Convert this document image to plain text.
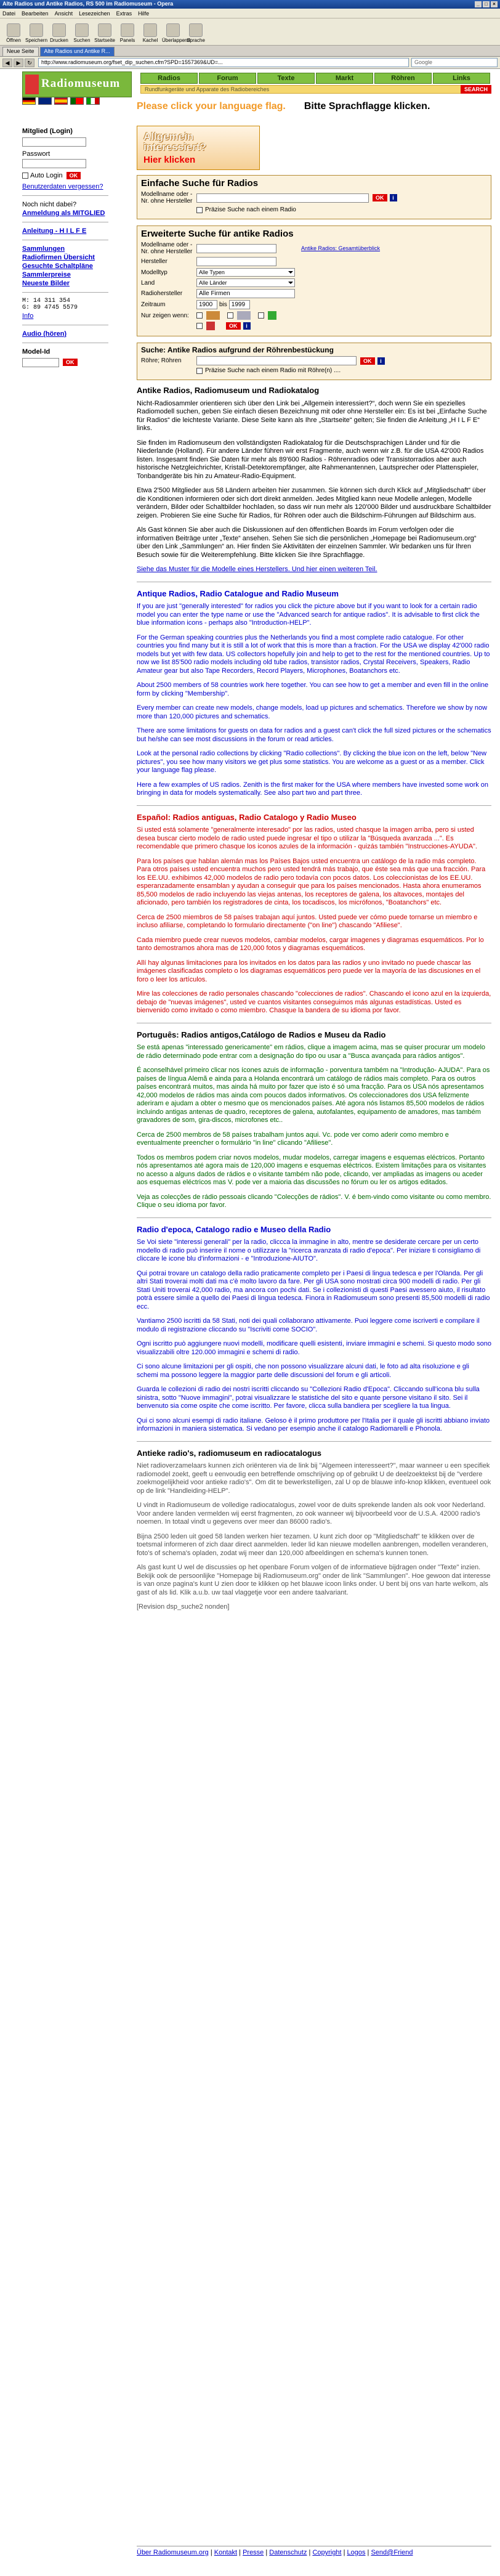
Alte Radios und Antike Radios, RS 500 im Radiomuseum - Opera	_ □ ×
Datei Bearbeiten Ansicht Lesezeichen Extras Hilfe
Öffnen Speichern Drucken	Suchen Startseite Panels	Kachel Überlappend
Sprache
Neue Seite	Alte Radios und Antike R...
◀	▶	↻	http://www.radiomuseum.org/fset_dip_suchen.cfm?SPD=1557369&UD=...	Google
Radiomuseum	Radios	Forum	Texte	Markt	Röhren	Links
Rundfunkgeräte und Apparate des Radiobereiches	SEARCH
Please click your language flag. Bitte Sprachflagge klicken.
Mitglied (Login)
Passwort
Auto Login OK
Benutzerdaten vergessen?
Noch nicht dabei?
Anmeldung als MITGLIED
Anleitung - H I L F E
Sammlungen
Radiofirmen Übersicht
Gesuchte Schaltpläne
Sammlerpreise
Neueste Bilder
M: 14 311 354
G: 89 4745 5579
Info
Audio (hören)
Model-Id
OK
Allgemein
interessiert?
Hier klicken
Einfache Suche für Radios
Modellname oder -Nr. ohne Hersteller	OK	i
Präzise Suche nach einem Radio
Erweiterte Suche für antike Radios
Modellname oder -Nr. ohne Hersteller	Antike Radios: Gesamtüberblick
Hersteller
Modelltyp	Alle Typen
Land	Alle Länder
Radiohersteller	Alle Firmen
Zeitraum	1900	bis 1999
Nur zeigen wenn:
OK	i
Suche: Antike Radios aufgrund der Röhrenbestückung
Röhre; Röhren	OK	i
Präzise Suche nach einem Radio mit Röhre(n) ....
Antike Radios, Radiomuseum und Radiokatalog

Nicht-Radiosammler orientieren sich über den Link bei „Allgemein interessiert?“, doch wenn Sie ein spezielles Radiomodell suchen, geben Sie einfach diesen Bezeichnung mit oder ohne Hersteller ein: Es ist bei „Einfache Suche für Radios“ die leichteste Variante. Diese Seite kann als Ihre „Startseite“ gelten; Sie finden die Anleitung „H I L F E“ links.

Sie finden im Radiomuseum den vollständigsten Radiokatalog für die Deutschsprachigen Länder und für die Niederlande (Holland). Für andere Länder führen wir erst Fragmente, auch wenn wir z.B. für die USA 42'000 Radios listen. Insgesamt finden Sie Daten für mehr als 89'600 Radios - Röhrenradios oder Transistorradios aber auch historische Netzgleichrichter, Kristall-Detektorempfänger, alte Rahmenantennen, Lautsprecher oder Plattenspieler, Tonbandgeräte bis hin zu Amateur-Radio-Equipment.

Etwa 2'500 Mitglieder aus 58 Ländern arbeiten hier zusammen. Sie können sich durch Klick auf „Mitgliedschaft“ über die Konditionen informieren oder sich dort direkt anmelden. Jedes Mitglied kann neue Modelle anlegen, Modelle verändern, Bilder oder Schaltbilder hochladen, so dass wir nun mehr als 120'000 Bilder und ausdruckbare Schaltbilder zeigen. Probieren Sie eine Suche für Radios, für Röhren oder auch die Bildschirm-Führungen auf Bildschirm aus.

Als Gast können Sie aber auch die Diskussionen auf den öffentlichen Boards im Forum verfolgen oder die informativen Beiträge unter „Texte“ ansehen. Sehen Sie sich die persönlichen „Homepage bei Radiomuseum.org“ über den Link „Sammlungen“ an. Hier finden Sie Aktivitäten der einzelnen Sammler. Wir bedanken uns für Ihren Besuch sowie für die Weiterempfehlung. Bitte klicken Sie Ihre Sprachflagge.

Siehe das Muster für die Modelle eines Herstellers. Und hier einen weiteren Teil.

Antique Radios, Radio Catalogue and Radio Museum

If you are just "generally interested" for radios you click the picture above but if you want to look for a certain radio model you can enter the type name or use the "Advanced search for antique radios". It is advisable to first click the blue information icons - perhaps also "Introduction-HELP".

For the German speaking countries plus the Netherlands you find a most complete radio catalogue. For other countries you find many but it is still a lot of work that this is more than a fraction. For the USA we display 42'000 radio models but yet with few data. US collectors hopefully join and help to get to the rest for the mentioned countries. Up to now we list 85'500 radio models including old tube radios, transistor radios, Crystal Receivers, Speakers, Radio Amateur gear but also Tape Recorders, Record Players, Microphones, Boatanchors etc.

About 2500 members of 58 countries work here together. You can see how to get a member and even fill in the online form by clicking "Membership".

Every member can create new models, change models, load up pictures and schematics. Therefore we show by now more than 120,000 pictures and schematics.

There are some limitations for guests on data for radios and a guest can't click the full sized pictures or the schematics but he/she can see most discussions in the forum or read articles.

Look at the personal radio collections by clicking "Radio collections". By clicking the blue icon on the left, below "New pictures", you see how many visitors we get plus some statistics. You are welcome as a guest or as a member. Click your language flag please.

Here a few examples of US radios. Zenith is the first maker for the USA where members have invested some work on bringing in data for models systematically. See also part two and part three.

Español: Radios antiguas, Radio Catalogo y Radio Museo

Si usted está solamente "generalmente interesado" por las radios, usted chasque la imagen arriba, pero si usted desea buscar cierto modelo de radio usted puede ingresar el tipo o utilizar la "Búsqueda avanzada ...". Es recomendable que primero chasque los iconos azules de la información - quizás también "Instrucciones-AYUDA".

Para los países que hablan alemán mas los Países Bajos usted encuentra un catálogo de la radio más completo. Para otros países usted encuentra muchos pero usted tendrá más trabajo, que éste sea más que una fracción. Para los EE.UU. exhibimos 42,000 modelos de radio pero todavía con pocos datos. Los coleccionistas de los EE.UU. esperanzadamente ensamblan y ayudan a conseguir que para los países mencionados. Hasta ahora enumeramos 85,500 modelos de radio incluyendo las viejas antenas, los receptores de galena, los altavoces, montajes del aficionado, pero también los registradores de cinta, los tocadiscos, los micrófonos, "Boatanchors" etc.

Cerca de 2500 miembros de 58 países trabajan aquí juntos. Usted puede ver cómo puede tornarse un miembro e incluso afiliarse, completando lo formulario directamente ("on line") chascando "Afiliese".

Cada miembro puede crear nuevos modelos, cambiar modelos, cargar imagenes y diagramas esquemáticos. Por lo tanto demostramos ahora mas de 120,000 fotos y diagramas esquemáticos.

Allí hay algunas limitaciones para los invitados en los datos para las radios y uno invitado no puede chascar las imágenes clasificadas completo o los diagramas esquemáticos pero puede ver la mayoría de las discusiones en el foro o leer los artículos.

Mire las colecciones de radio personales chascando "colecciones de radios". Chascando el icono azul en la izquierda, debajo de "nuevas imágenes", usted ve cuantos visitantes conseguimos más algunas estadísticas. Usted es bienvenido como invitado o como miembro. Chasque la bandera de su idioma por favor.

Português: Radios antigos,Catálogo de Radios e Museu da Radio

Se está apenas "interessado genericamente" em rádios, clique a imagem acima, mas se quiser procurar um modelo de rádio determinado pode entrar com a designação do tipo ou usar a "Busca avançada para rádios antigos".

É aconselhável primeiro clicar nos ícones azuis de informação - porventura também na "Introdução- AJUDA". Para os países de língua Alemã e ainda para a Holanda encontrará um catálogo de rádios mais completo. Para os outros países encontrará muitos, mas ainda há muito por fazer que isto é só uma fracção. Para os USA nós apresentamos 42,000 modelos de rádios mas ainda com poucos dados informativos. Os coleccionadores dos USA felizmente aderiram e ajudam a obter o mesmo que os mencionados países. Até agora nós listamos 85,500 modelos de rádios incluindo antigas antenas de quadro, receptores de galena, autofalantes, equipamento de amadores, mas também gravadores de som, gira-discos, microfones etc..

Cerca de 2500 membros de 58 países trabalham juntos aqui. Vc. pode ver como aderir como membro e eventualmente preencher o formulário "in line" clicando "Afiliese".

Todos os membros podem criar novos modelos, mudar modelos, carregar imagens e esquemas eléctricos. Portanto nós apresentamos até agora mais de 120,000 imagens e esquemas eléctricos. Existem limitações para os visitantes no acesso a alguns dados de rádios e o visitante também não pode, clicando, ver ampliadas as imagens ou aceder aos esquemas eléctricos mas V. pode ver a maioria das discussões no fórum ou ler os artigos editados.

Veja as colecções de rádio pessoais clicando "Colecções de rádios". V. é bem-vindo como visitante ou como membro. Clique o seu idioma por favor.

Radio d'epoca, Catalogo radio e Museo della Radio

Se Voi siete "interessi generali" per la radio, cliccca la immagine in alto, mentre se desiderate cercare per un certo modello di radio può inserire il nome o utilizzare la "ricerca avanzata di radio d'epoca". Per iniziare ti consigliamo di cliccare le icone blu d'informazioni - e "Introduzione-AIUTO".

Qui potrai trovare un catalogo della radio praticamente completo per i Paesi di lingua tedesca e per l'Olanda. Per gli altri Stati troverai molti dati ma c'è molto lavoro da fare. Per gli USA sono mostrati circa 900 modelli di radio. Per gli Stati Uniti troverai 42,000 radio, ma ancora con pochi dati. Se i collezionisti di questi Paesi avessero aiuto, il risultato potrà essere simile a quello dei Paesi di lingua tedesca. Finora in Radiomuseum sono presenti 85,500 modelli di radio ecc.

Vantiamo 2500 iscritti da 58 Stati, noti dei quali collaborano attivamente. Puoi leggere come iscriverti e compilare il modulo di registrazione cliccando su "Iscriviti come SOCIO".

Ogni iscritto può aggiungere nuovi modelli, modificare quelli esistenti, inviare immagini e schemi. Si questo modo sono visualizzabili oltre 120.000 immagini e schemi di radio.

Ci sono alcune limitazioni per gli ospiti, che non possono visualizzare alcuni dati, le foto ad alta risoluzione e gli schemi ma possono leggere la maggior parte delle discussioni del forum e gli articoli.

Guarda le collezioni di radio dei nostri iscritti cliccando su "Collezioni Radio d'Epoca". Cliccando sull'icona blu sulla sinistra, sotto "Nuove immagini", potrai visualizzare le statistiche del sito e quante persone visitano il sito. Sei il benvenuto sia come ospite che come iscritto. Per favore, clicca sulla bandiera per scegliere la tua lingua.

Qui ci sono alcuni esempi di radio italiane. Geloso è il primo produttore per l'Italia per il quale gli iscritti abbiano inviato informazioni in maniera sistematica. Si vedano per esempio anche il catalogo Radiomarelli e Phonola.

Antieke radio's, radiomuseum en radiocatalogus

Niet radioverzamelaars kunnen zich oriënteren via de link bij "Algemeen interesseert?", maar wanneer u een specifiek radiomodel zoekt, geeft u eenvoudig een betreffende omschrijving op of gebruikt U de deelzoektekst bij de "verdere zoekmogelijkheid voor antieke radio's". Om dit te bewerkstelligen, zal U op de blauwe info-knop klikken, eventueel ook op de link "Handleiding-HELP".

U vindt in Radiomuseum de volledige radiocatalogus, zowel voor de duits sprekende landen als ook voor Nederland. Voor andere landen vermelden wij eerst fragmenten, zo ook wanneer wij bijvoorbeeld voor de U.S.A. 42000 radio's noemen. In totaal vindt u gegevens over meer dan 86000 radio's.

Bijna 2500 leden uit goed 58 landen werken hier tezamen. U kunt zich door op "Mitgliedschaft" te klikken over de toetsmal informeren of zich daar direct aanmelden. Ieder lid kan nieuwe modellen aanbrengen, modellen veranderen, foto's of schema's opladen, zodat wij meer dan 120,000 afbeeldingen en schema's kunnen tonen.

Als gast kunt U wel de discussies op het openbare Forum volgen of de informatieve bijdragen onder "Texte" inzien. Bekijk ook de persoonlijke "Homepage bij Radiomuseum.org" onder de link "Sammlungen". Hoe gewoon dat interesse is van onze pagina's kunt U zien door te klikken op het blauwe icoon links onder. U bent bij ons van harte welkom, als gast of als lid. Klik a.u.b. uw taal vlaggetje voor een andere taalvariant.

[Revision dsp_suche2 nonden]

Über Radiomuseum.org | Kontakt | Presse | Datenschutz | Copyright | Logos | Send@Friend
